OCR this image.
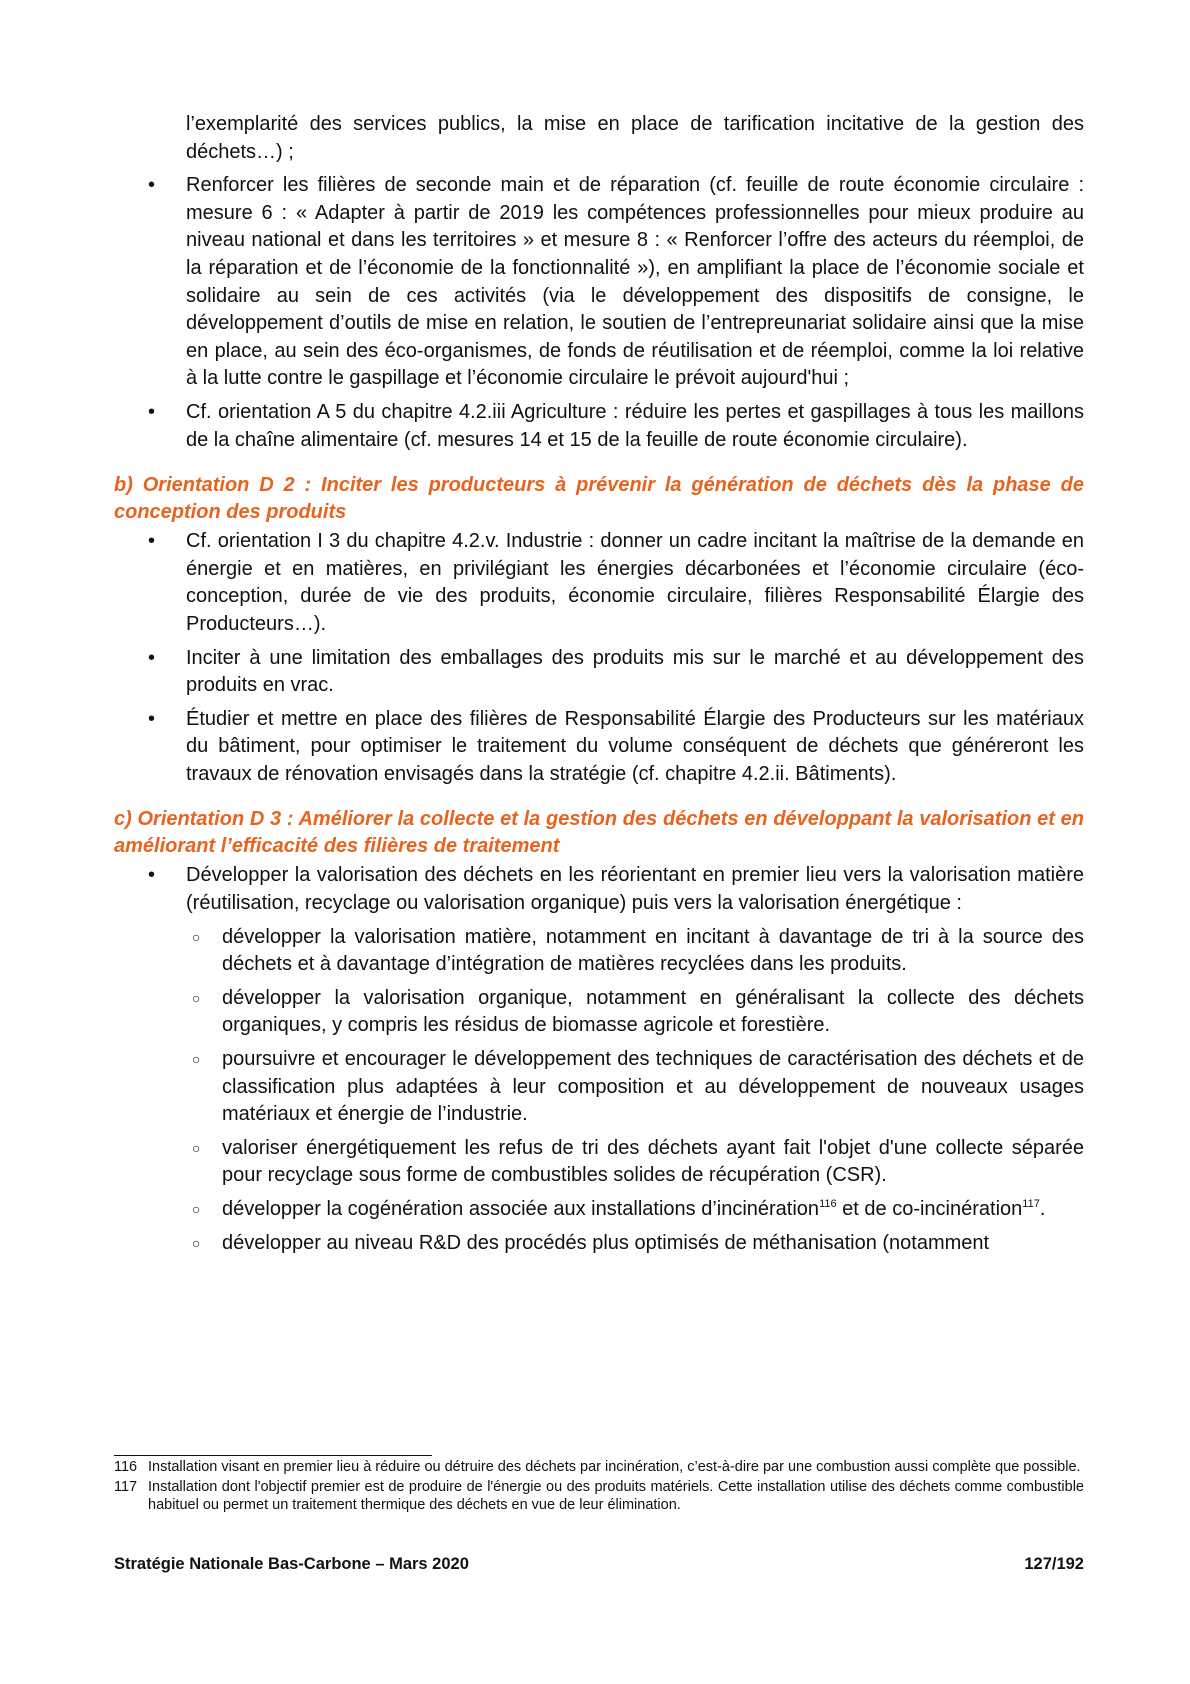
l’exemplarité des services publics, la mise en place de tarification incitative de la gestion des déchets…) ;

• Renforcer les filières de seconde main et de réparation (cf. feuille de route économie circulaire : mesure 6 : « Adapter à partir de 2019 les compétences professionnelles pour mieux produire au niveau national et dans les territoires » et mesure 8 : « Renforcer l’offre des acteurs du réemploi, de la réparation et de l’économie de la fonctionnalité »), en amplifiant la place de l’économie sociale et solidaire au sein de ces activités (via le développement des dispositifs de consigne, le développement d’outils de mise en relation, le soutien de l’entrepreunariat solidaire ainsi que la mise en place, au sein des éco-organismes, de fonds de réutilisation et de réemploi, comme la loi relative à la lutte contre le gaspillage et l’économie circulaire le prévoit aujourd'hui ;
• Cf. orientation A 5 du chapitre 4.2.iii Agriculture : réduire les pertes et gaspillages à tous les maillons de la chaîne alimentaire (cf. mesures 14 et 15 de la feuille de route économie circulaire).
b) Orientation D 2 : Inciter les producteurs à prévenir la génération de déchets dès la phase de conception des produits
• Cf. orientation I 3 du chapitre 4.2.v. Industrie : donner un cadre incitant la maîtrise de la demande en énergie et en matières, en privilégiant les énergies décarbonées et l’économie circulaire (éco-conception, durée de vie des produits, économie circulaire, filières Responsabilité Élargie des Producteurs…).
• Inciter à une limitation des emballages des produits mis sur le marché et au développement des produits en vrac.
• Étudier et mettre en place des filières de Responsabilité Élargie des Producteurs sur les matériaux du bâtiment, pour optimiser le traitement du volume conséquent de déchets que généreront les travaux de rénovation envisagés dans la stratégie (cf. chapitre 4.2.ii. Bâtiments).
c) Orientation D 3 : Améliorer la collecte et la gestion des déchets en développant la valorisation et en améliorant l’efficacité des filières de traitement
• Développer la valorisation des déchets en les réorientant en premier lieu vers la valorisation matière (réutilisation, recyclage ou valorisation organique) puis vers la valorisation énergétique :
○ développer la valorisation matière, notamment en incitant à davantage de tri à la source des déchets et à davantage d’intégration de matières recyclées dans les produits.
○ développer la valorisation organique, notamment en généralisant la collecte des déchets organiques, y compris les résidus de biomasse agricole et forestière.
○ poursuivre et encourager le développement des techniques de caractérisation des déchets et de classification plus adaptées à leur composition et au développement de nouveaux usages matériaux et énergie de l’industrie.
○ valoriser énergétiquement les refus de tri des déchets ayant fait l'objet d'une collecte séparée pour recyclage sous forme de combustibles solides de récupération (CSR).
○ développer la cogénération associée aux installations d’incinération$^{116}$ et de co-incinération$^{117}$.
○ développer au niveau R&D des procédés plus optimisés de méthanisation (notamment
116 Installation visant en premier lieu à réduire ou détruire des déchets par incinération, c’est-à-dire par une combustion aussi complète que possible.
117 Installation dont l'objectif premier est de produire de l'énergie ou des produits matériels. Cette installation utilise des déchets comme combustible habituel ou permet un traitement thermique des déchets en vue de leur élimination.
Stratégie Nationale Bas-Carbone – Mars 2020	127/192
